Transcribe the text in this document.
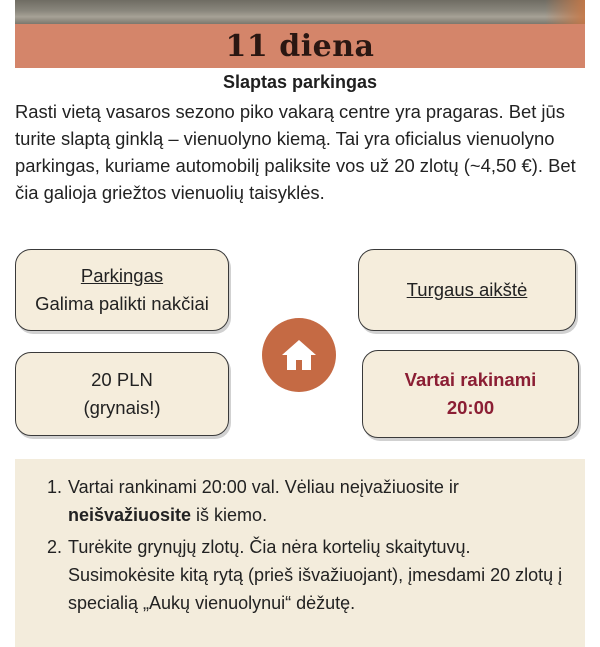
11 diena
Slaptas parkingas
Rasti vietą vasaros sezono piko vakarą centre yra pragaras. Bet jūs turite slaptą ginklą – vienuolyno kiemą. Tai yra oficialus vienuolyno parkingas, kuriame automobilį paliksite vos už 20 zlotų (~4,50 €). Bet čia galioja griežtos vienuolių taisyklės.
Parkingas
Galima palikti nakčiai
Turgaus aikštė
20 PLN
(grynais!)
Vartai rakinami
20:00
1. Vartai rankinami 20:00 val. Vėliau neįvažiuosite ir neišvažiuosite iš kiemo.
2. Turėkite grynųjų zlotų. Čia nėra kortelių skaitytuvų. Susimokėsite kitą rytą (prieš išvažiuojant), įmesdami 20 zlotų į specialią „Aukų vienuolynui“ dėžutę.
